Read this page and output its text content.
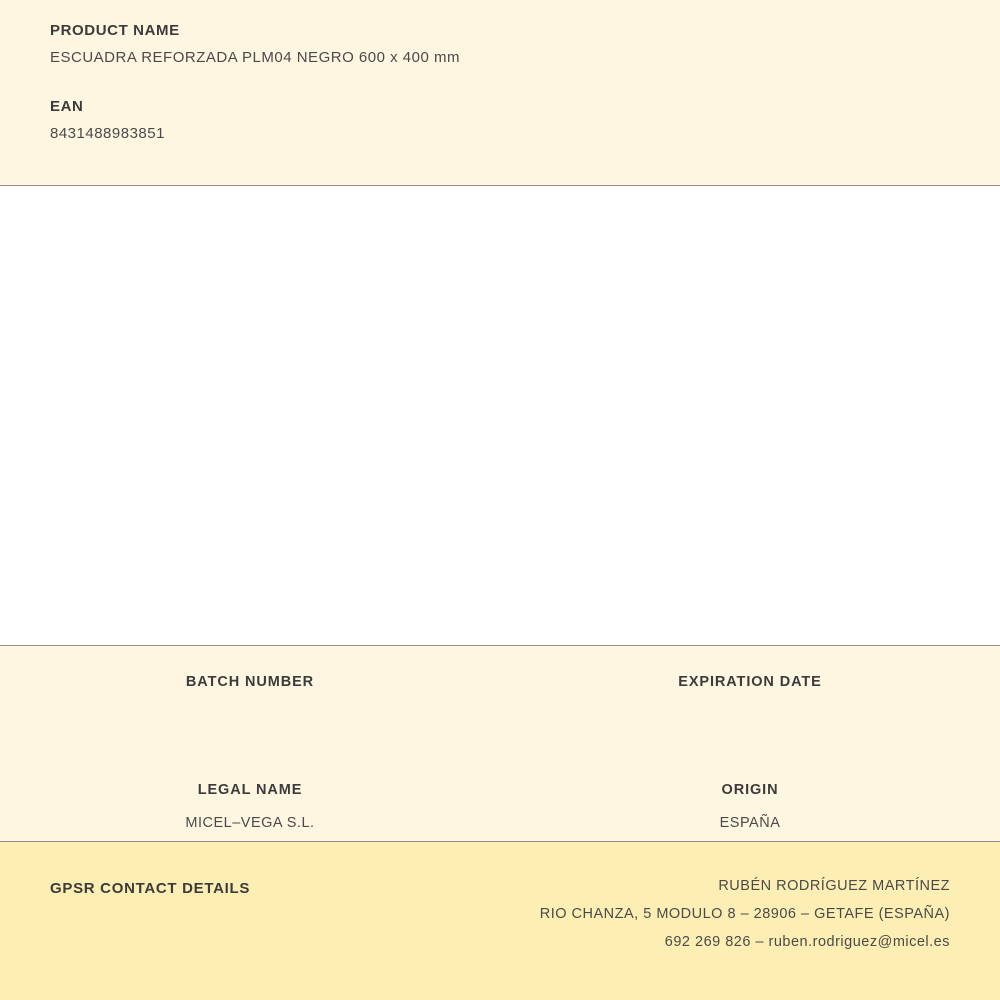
PRODUCT NAME

ESCUADRA REFORZADA PLM04 NEGRO 600 x 400 mm

EAN

8431488983851

BATCH NUMBER	EXPIRATION DATE

LEGAL NAME

MICEL–VEGA S.L.

ORIGIN

ESPAÑA

GPSR CONTACT DETAILS	RUBÉN RODRÍGUEZ MARTÍNEZ

RIO CHANZA, 5 MODULO 8 – 28906 – GETAFE (ESPAÑA)

692 269 826 – ruben.rodriguez@micel.es
